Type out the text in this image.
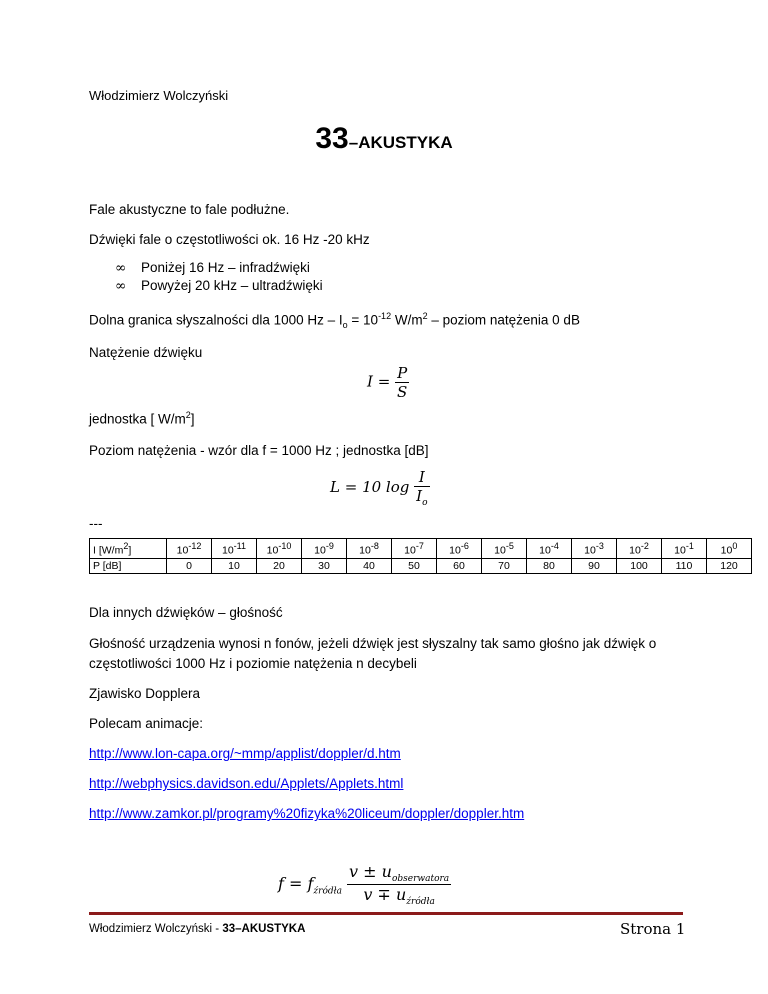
Włodzimierz Wolczyński
33–AKUSTYKA
Fale akustyczne to fale podłużne.
Dźwięki fale o częstotliwości ok. 16 Hz -20 kHz
∞ Poniżej 16 Hz – infradźwięki
∞ Powyżej 20 kHz – ultradźwięki
Dolna granica słyszalności dla 1000 $Hz - I_o = 10^{-12}$ $W/m^2$ – poziom natężenia 0 dB
Natężenie dźwięku
$I = \frac{P}{S}$
jednostka [ $W/m^2$]
Poziom natężenia - wzór dla f = 1000 Hz ; jednostka [dB]
L = 10 $\log \frac{I}{I_o}$
---
I $[W/m^2]$	$10^{-12}$	$10^{-11}$	$10^{-10}$	$10^{-9}$	$10^{-8}$	$10^{-7}$	$10^{-6}$	$10^{-5}$	$10^{-4}$	$10^{-3}$	$10^{-2}$	$10^{-1}$	$10^0$
P [dB]	0	10	20	30	40	50	60	70	80	90	100	110	120
Dla innych dźwięków – głośność
Głośność urządzenia wynosi n fonów, jeżeli dźwięk jest słyszalny tak samo głośno jak dźwięk o
częstotliwości 1000 Hz i poziomie natężenia n decybeli
Zjawisko Dopplera
Polecam animacje:
http://www.lon-capa.org/~mmp/applist/doppler/d.htm
http://webphysics.davidson.edu/Applets/Applets.html
http://www.zamkor.pl/programy%20fizyka%20liceum/doppler/doppler.htm
$f = f_{źródła} \frac{v \pm u_{obserwatora}}{v \mp u_{źródła}}$
Włodzimierz Wolczyński - 33–AKUSTYKA	Strona 1
